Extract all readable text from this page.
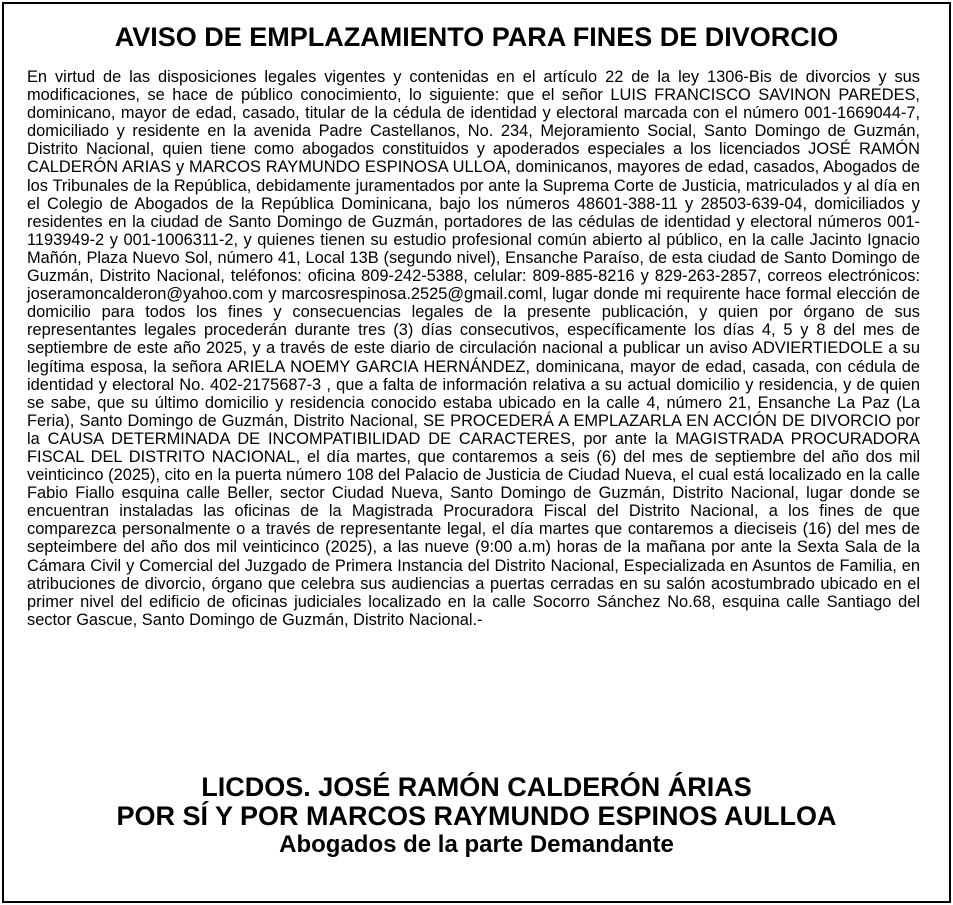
AVISO DE EMPLAZAMIENTO PARA FINES DE DIVORCIO

En virtud de las disposiciones legales vigentes y contenidas en el artículo 22 de la ley 1306-Bis de divorcios y sus modificaciones, se hace de público conocimiento, lo siguiente: que el señor LUIS FRANCISCO SAVINON PAREDES, dominicano, mayor de edad, casado, titular de la cédula de identidad y electoral marcada con el número 001-1669044-7, domiciliado y residente en la avenida Padre Castellanos, No. 234, Mejoramiento Social, Santo Domingo de Guzmán, Distrito Nacional, quien tiene como abogados constituidos y apoderados especiales a los licenciados JOSÉ RAMÓN CALDERÓN ARIAS y MARCOS RAYMUNDO ESPINOSA ULLOA, dominicanos, mayores de edad, casados, Abogados de los Tribunales de la República, debidamente juramentados por ante la Suprema Corte de Justicia, matriculados y al día en el Colegio de Abogados de la República Dominicana, bajo los números 48601-388-11 y 28503-639-04, domiciliados y residentes en la ciudad de Santo Domingo de Guzmán, portadores de las cédulas de identidad y electoral números 001-1193949-2 y 001-1006311-2, y quienes tienen su estudio profesional común abierto al público, en la calle Jacinto Ignacio Mañón, Plaza Nuevo Sol, número 41, Local 13B (segundo nivel), Ensanche Paraíso, de esta ciudad de Santo Domingo de Guzmán, Distrito Nacional, teléfonos: oficina 809-242-5388, celular: 809-885-8216 y 829-263-2857, correos electrónicos: joseramoncalderon@yahoo.com y marcosrespinosa.2525@gmail.coml, lugar donde mi requirente hace formal elección de domicilio para todos los fines y consecuencias legales de la presente publicación, y quien por órgano de sus representantes legales procederán durante tres (3) días consecutivos, específicamente los días 4, 5 y 8 del mes de septiembre de este año 2025, y a través de este diario de circulación nacional a publicar un aviso ADVIERTIEDOLE a su legítima esposa, la señora ARIELA NOEMY GARCIA HERNÁNDEZ, dominicana, mayor de edad, casada, con cédula de identidad y electoral No. 402-2175687-3 , que a falta de información relativa a su actual domicilio y residencia, y de quien se sabe, que su último domicilio y residencia conocido estaba ubicado en la calle 4, número 21, Ensanche La Paz (La Feria), Santo Domingo de Guzmán, Distrito Nacional, SE PROCEDERÁ A EMPLAZARLA EN ACCIÓN DE DIVORCIO por la CAUSA DETERMINADA DE INCOMPATIBILIDAD DE CARACTERES, por ante la MAGISTRADA PROCURADORA FISCAL DEL DISTRITO NACIONAL, el día martes, que contaremos a seis (6) del mes de septiembre del año dos mil veinticinco (2025), cito en la puerta número 108 del Palacio de Justicia de Ciudad Nueva, el cual está localizado en la calle Fabio Fiallo esquina calle Beller, sector Ciudad Nueva, Santo Domingo de Guzmán, Distrito Nacional, lugar donde se encuentran instaladas las oficinas de la Magistrada Procuradora Fiscal del Distrito Nacional, a los fines de que comparezca personalmente o a través de representante legal, el día martes que contaremos a dieciseis (16) del mes de septeimbere del año dos mil veinticinco (2025), a las nueve (9:00 a.m) horas de la mañana por ante la Sexta Sala de la Cámara Civil y Comercial del Juzgado de Primera Instancia del Distrito Nacional, Especializada en Asuntos de Familia, en atribuciones de divorcio, órgano que celebra sus audiencias a puertas cerradas en su salón acostumbrado ubicado en el primer nivel del edificio de oficinas judiciales localizado en la calle Socorro Sánchez No.68, esquina calle Santiago del sector Gascue, Santo Domingo de Guzmán, Distrito Nacional.-

LICDOS. JOSÉ RAMÓN CALDERÓN ÁRIAS
POR SÍ Y POR MARCOS RAYMUNDO ESPINOS AULLOA
Abogados de la parte Demandante
